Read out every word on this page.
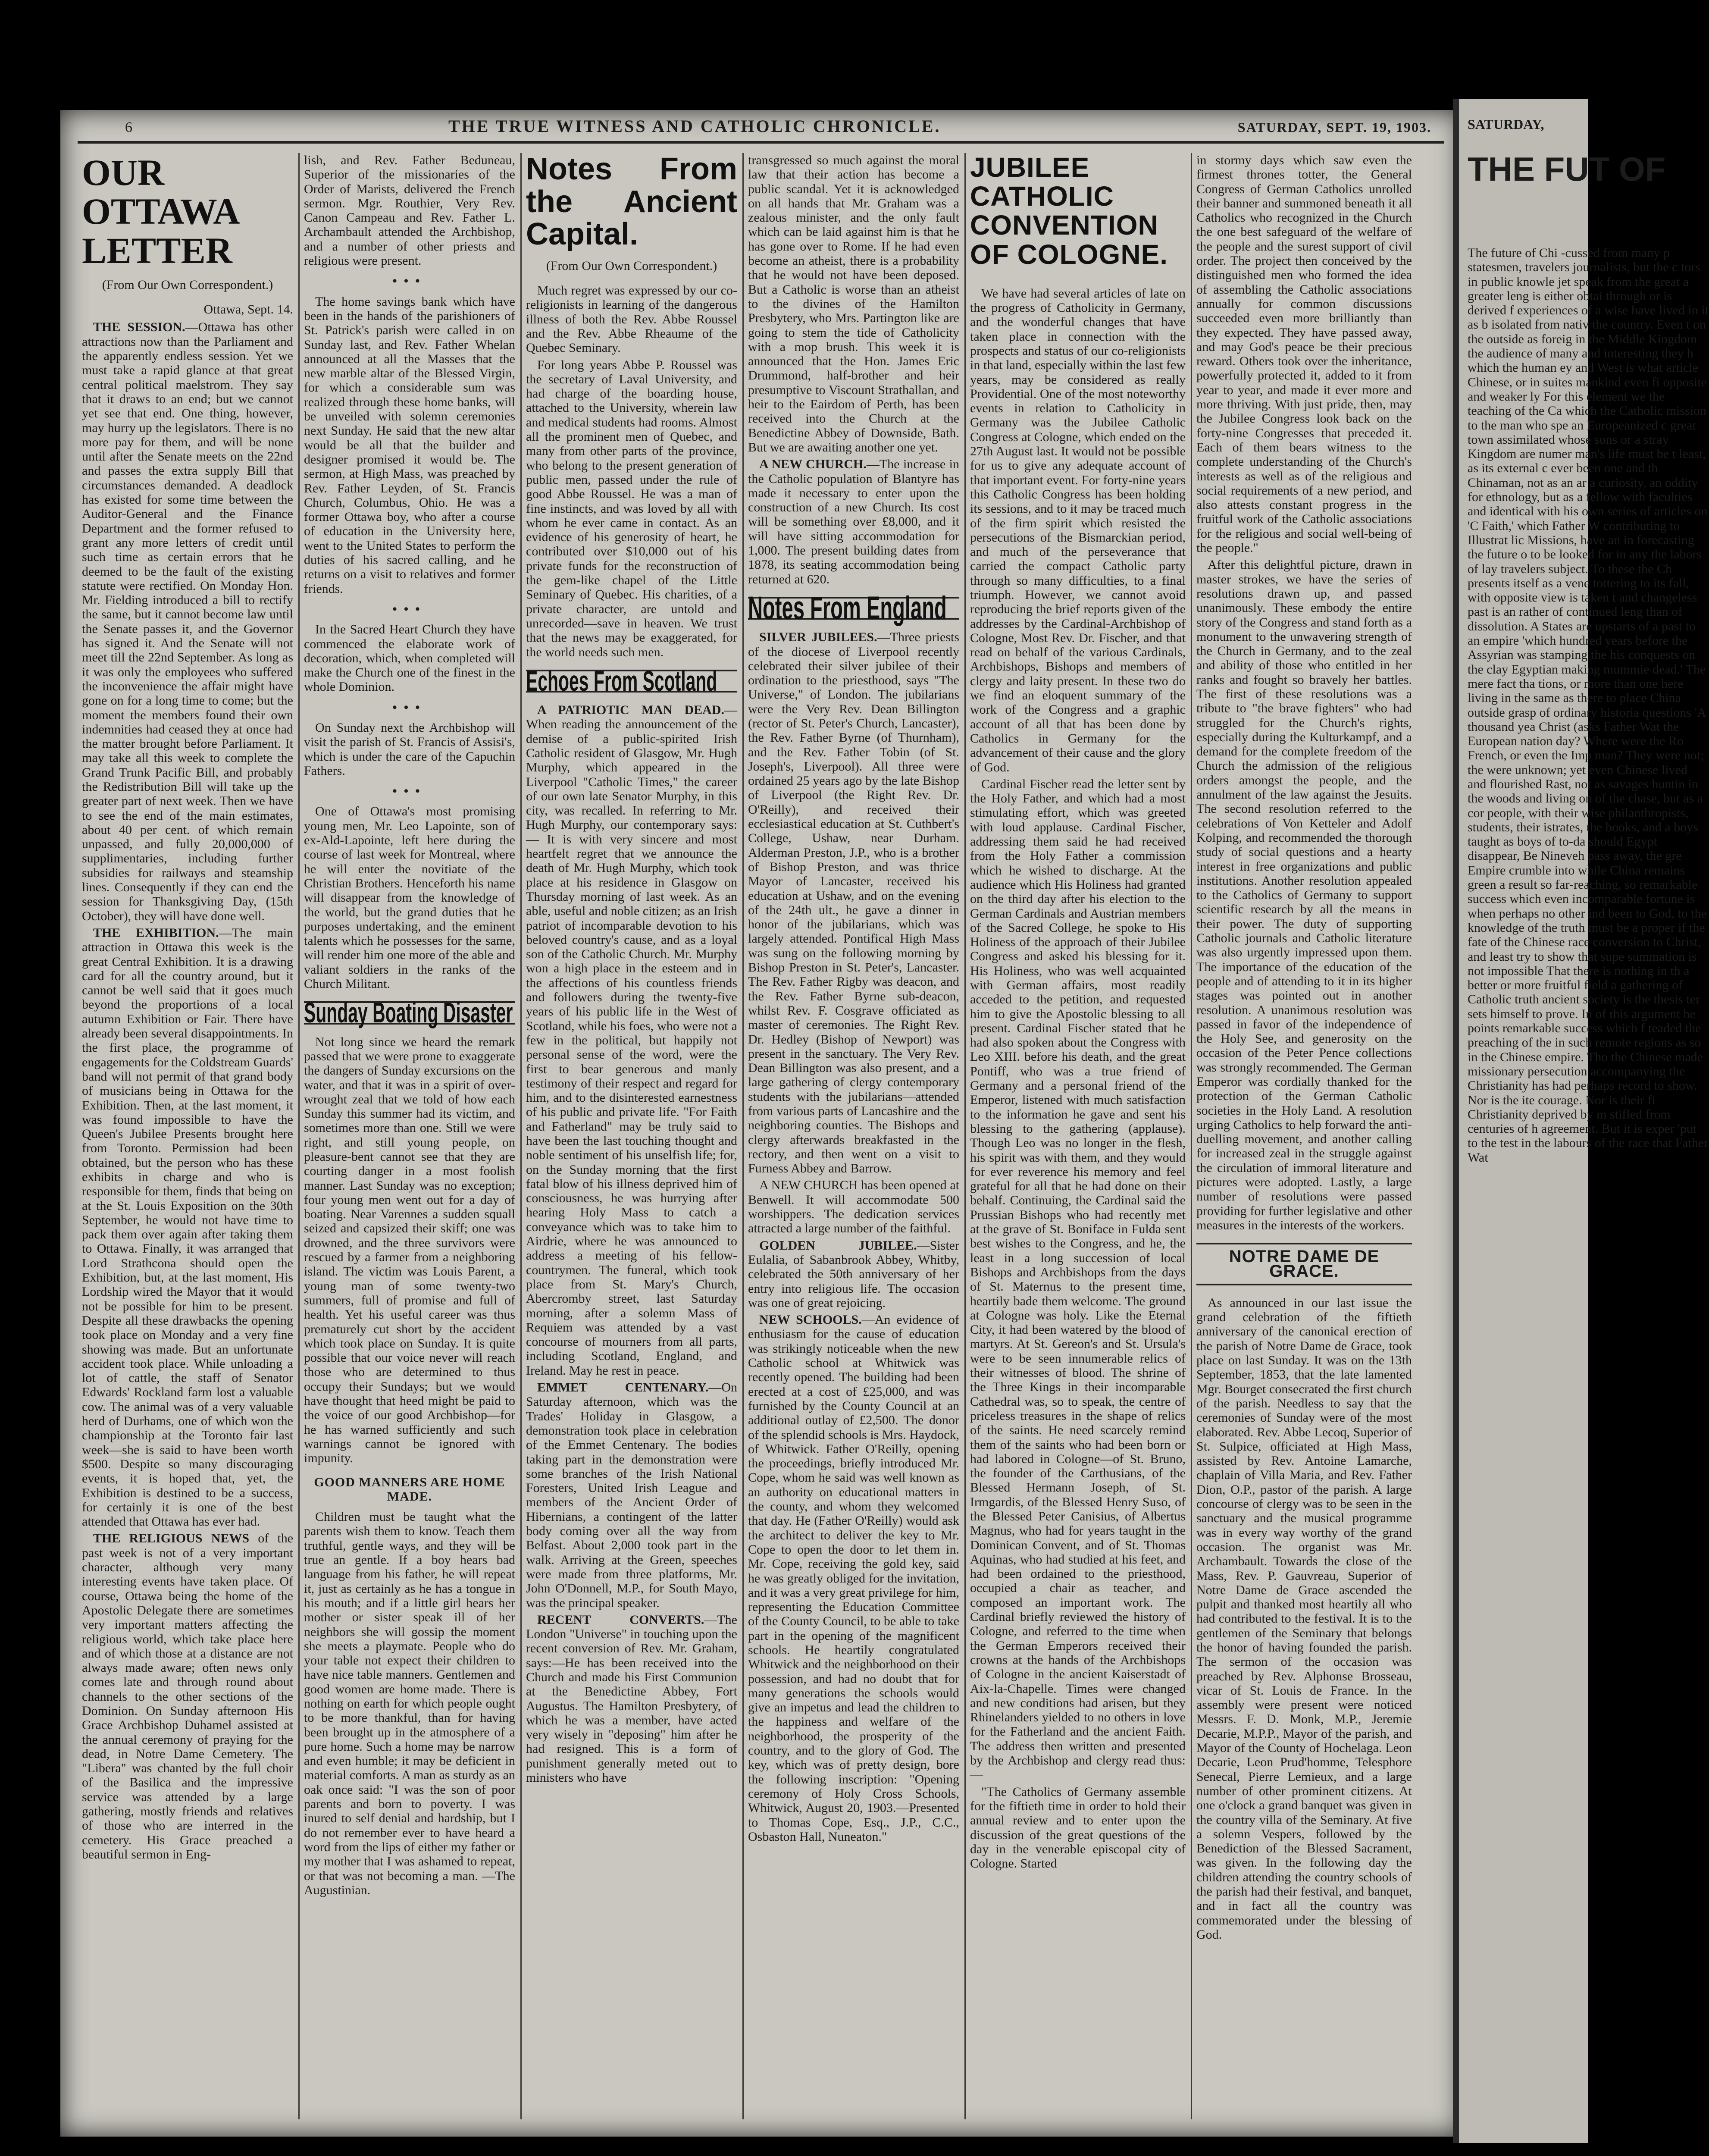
6	THE TRUE WITNESS AND CATHOLIC CHRONICLE.	SATURDAY, SEPT. 19, 1903.
OUR OTTAWA LETTER
(From Our Own Correspondent.)
Ottawa, Sept. 14.

THE SESSION.—Ottawa has other attractions now than the Parliament and the apparently endless session. Yet we must take a rapid glance at that great central political maelstrom. They say that it draws to an end; but we cannot yet see that end. One thing, however, may hurry up the legislators. There is no more pay for them, and will be none until after the Senate meets on the 22nd and passes the extra supply Bill that circumstances demanded. A deadlock has existed for some time between the Auditor-General and the Finance Department and the former refused to grant any more letters of credit until such time as certain errors that he deemed to be the fault of the existing statute were rectified. On Monday Hon. Mr. Fielding introduced a bill to rectify the same, but it cannot become law until the Senate passes it, and the Governor has signed it. And the Senate will not meet till the 22nd September. As long as it was only the employees who suffered the inconvenience the affair might have gone on for a long time to come; but the moment the members found their own indemnities had ceased they at once had the matter brought before Parliament. It may take all this week to complete the Grand Trunk Pacific Bill, and probably the Redistribution Bill will take up the greater part of next week. Then we have to see the end of the main estimates, about 40 per cent. of which remain unpassed, and fully 20,000,000 of supplimentaries, including further subsidies for railways and steamship lines. Consequently if they can end the session for Thanksgiving Day, (15th October), they will have done well.

THE EXHIBITION.—The main attraction in Ottawa this week is the great Central Exhibition. It is a drawing card for all the country around, but it cannot be well said that it goes much beyond the proportions of a local autumn Exhibition or Fair. There have already been several disappointments. In the first place, the programme of engagements for the Coldstream Guards' band will not permit of that grand body of musicians being in Ottawa for the Exhibition. Then, at the last moment, it was found impossible to have the Queen's Jubilee Presents brought here from Toronto. Permission had been obtained, but the person who has these exhibits in charge and who is responsible for them, finds that being on at the St. Louis Exposition on the 30th September, he would not have time to pack them over again after taking them to Ottawa. Finally, it was arranged that Lord Strathcona should open the Exhibition, but, at the last moment, His Lordship wired the Mayor that it would not be possible for him to be present. Despite all these drawbacks the opening took place on Monday and a very fine showing was made. But an unfortunate accident took place. While unloading a lot of cattle, the staff of Senator Edwards' Rockland farm lost a valuable cow. The animal was of a very valuable herd of Durhams, one of which won the championship at the Toronto fair last week—she is said to have been worth $500. Despite so many discouraging events, it is hoped that, yet, the Exhibition is destined to be a success, for certainly it is one of the best attended that Ottawa has ever had.

THE RELIGIOUS NEWS of the past week is not of a very important character, although very many interesting events have taken place. Of course, Ottawa being the home of the Apostolic Delegate there are sometimes very important matters affecting the religious world, which take place here and of which those at a distance are not always made aware; often news only comes late and through round about channels to the other sections of the Dominion. On Sunday afternoon His Grace Archbishop Duhamel assisted at the annual ceremony of praying for the dead, in Notre Dame Cemetery. The "Libera" was chanted by the full choir of the Basilica and the impressive service was attended by a large gathering, mostly friends and relatives of those who are interred in the cemetery. His Grace preached a beautiful sermon in Eng-

lish, and Rev. Father Beduneau, Superior of the missionaries of the Order of Marists, delivered the French sermon. Mgr. Routhier, Very Rev. Canon Campeau and Rev. Father L. Archambault attended the Archbishop, and a number of other priests and religious were present.

•••

The home savings bank which have been in the hands of the parishioners of St. Patrick's parish were called in on Sunday last, and Rev. Father Whelan announced at all the Masses that the new marble altar of the Blessed Virgin, for which a considerable sum was realized through these home banks, will be unveiled with solemn ceremonies next Sunday. He said that the new altar would be all that the builder and designer promised it would be. The sermon, at High Mass, was preached by Rev. Father Leyden, of St. Francis Church, Columbus, Ohio. He was a former Ottawa boy, who after a course of education in the University here, went to the United States to perform the duties of his sacred calling, and he returns on a visit to relatives and former friends.

•••

In the Sacred Heart Church they have commenced the elaborate work of decoration, which, when completed will make the Church one of the finest in the whole Dominion.

•••

On Sunday next the Archbishop will visit the parish of St. Francis of Assisi's, which is under the care of the Capuchin Fathers.

•••

One of Ottawa's most promising young men, Mr. Leo Lapointe, son of ex-Ald-Lapointe, left here during the course of last week for Montreal, where he will enter the novitiate of the Christian Brothers. Henceforth his name will disappear from the knowledge of the world, but the grand duties that he purposes undertaking, and the eminent talents which he possesses for the same, will render him one more of the able and valiant soldiers in the ranks of the Church Militant.

Sunday Boating Disaster

Not long since we heard the remark passed that we were prone to exaggerate the dangers of Sunday excursions on the water, and that it was in a spirit of over-wrought zeal that we told of how each Sunday this summer had its victim, and sometimes more than one. Still we were right, and still young people, on pleasure-bent cannot see that they are courting danger in a most foolish manner. Last Sunday was no exception; four young men went out for a day of boating. Near Varennes a sudden squall seized and capsized their skiff; one was drowned, and the three survivors were rescued by a farmer from a neighboring island. The victim was Louis Parent, a young man of some twenty-two summers, full of promise and full of health. Yet his useful career was thus prematurely cut short by the accident which took place on Sunday. It is quite possible that our voice never will reach those who are determined to thus occupy their Sundays; but we would have thought that heed might be paid to the voice of our good Archbishop—for he has warned sufficiently and such warnings cannot be ignored with impunity.

GOOD MANNERS ARE HOME MADE.

Children must be taught what the parents wish them to know. Teach them truthful, gentle ways, and they will be true an gentle. If a boy hears bad language from his father, he will repeat it, just as certainly as he has a tongue in his mouth; and if a little girl hears her mother or sister speak ill of her neighbors she will gossip the moment she meets a playmate. People who do your table not expect their children to have nice table manners. Gentlemen and good women are home made. There is nothing on earth for which people ought to be more thankful, than for having been brought up in the atmosphere of a pure home. Such a home may be narrow and even humble; it may be deficient in material comforts. A man as sturdy as an oak once said: "I was the son of poor parents and born to poverty. I was inured to self denial and hardship, but I do not remember ever to have heard a word from the lips of either my father or my mother that I was ashamed to repeat, or that was not becoming a man. —The Augustinian.

Notes From the Ancient Capital.
(From Our Own Correspondent.)

Much regret was expressed by our co-religionists in learning of the dangerous illness of both the Rev. Abbe Roussel and the Rev. Abbe Rheaume of the Quebec Seminary.

For long years Abbe P. Roussel was the secretary of Laval University, and had charge of the boarding house, attached to the University, wherein law and medical students had rooms. Almost all the prominent men of Quebec, and many from other parts of the province, who belong to the present generation of public men, passed under the rule of good Abbe Roussel. He was a man of fine instincts, and was loved by all with whom he ever came in contact. As an evidence of his generosity of heart, he contributed over $10,000 out of his private funds for the reconstruction of the gem-like chapel of the Little Seminary of Quebec. His charities, of a private character, are untold and unrecorded—save in heaven. We trust that the news may be exaggerated, for the world needs such men.

Echoes From Scotland

A PATRIOTIC MAN DEAD.—When reading the announcement of the demise of a public-spirited Irish Catholic resident of Glasgow, Mr. Hugh Murphy, which appeared in the Liverpool "Catholic Times," the career of our own late Senator Murphy, in this city, was recalled. In referring to Mr. Hugh Murphy, our contemporary says:— It is with very sincere and most heartfelt regret that we announce the death of Mr. Hugh Murphy, which took place at his residence in Glasgow on Thursday morning of last week. As an able, useful and noble citizen; as an Irish patriot of incomparable devotion to his beloved country's cause, and as a loyal son of the Catholic Church. Mr. Murphy won a high place in the esteem and in the affections of his countless friends and followers during the twenty-five years of his public life in the West of Scotland, while his foes, who were not a few in the political, but happily not personal sense of the word, were the first to bear generous and manly testimony of their respect and regard for him, and to the disinterested earnestness of his public and private life. "For Faith and Fatherland" may be truly said to have been the last touching thought and noble sentiment of his unselfish life; for, on the Sunday morning that the first fatal blow of his illness deprived him of consciousness, he was hurrying after hearing Holy Mass to catch a conveyance which was to take him to Airdrie, where he was announced to address a meeting of his fellow-countrymen. The funeral, which took place from St. Mary's Church, Abercromby street, last Saturday morning, after a solemn Mass of Requiem was attended by a vast concourse of mourners from all parts, including Scotland, England, and Ireland. May he rest in peace.

EMMET CENTENARY.—On Saturday afternoon, which was the Trades' Holiday in Glasgow, a demonstration took place in celebration of the Emmet Centenary. The bodies taking part in the demonstration were some branches of the Irish National Foresters, United Irish League and members of the Ancient Order of Hibernians, a contingent of the latter body coming over all the way from Belfast. About 2,000 took part in the walk. Arriving at the Green, speeches were made from three platforms, Mr. John O'Donnell, M.P., for South Mayo, was the principal speaker.

RECENT CONVERTS.—The London "Universe" in touching upon the recent conversion of Rev. Mr. Graham, says:—He has been received into the Church and made his First Communion at the Benedictine Abbey, Fort Augustus. The Hamilton Presbytery, of which he was a member, have acted very wisely in "deposing" him after he had resigned. This is a form of punishment generally meted out to ministers who have

transgressed so much against the moral law that their action has become a public scandal. Yet it is acknowledged on all hands that Mr. Graham was a zealous minister, and the only fault which can be laid against him is that he has gone over to Rome. If he had even become an atheist, there is a probability that he would not have been deposed. But a Catholic is worse than an atheist to the divines of the Hamilton Presbytery, who Mrs. Partington like are going to stem the tide of Catholicity with a mop brush. This week it is announced that the Hon. James Eric Drummond, half-brother and heir presumptive to Viscount Strathallan, and heir to the Eairdom of Perth, has been received into the Church at the Benedictine Abbey of Downside, Bath. But we are awaiting another one yet.

A NEW CHURCH.—The increase in the Catholic population of Blantyre has made it necessary to enter upon the construction of a new Church. Its cost will be something over £8,000, and it will have sitting accommodation for 1,000. The present building dates from 1878, its seating accommodation being returned at 620.

Notes From England

SILVER JUBILEES.—Three priests of the diocese of Liverpool recently celebrated their silver jubilee of their ordination to the priesthood, says "The Universe," of London. The jubilarians were the Very Rev. Dean Billington (rector of St. Peter's Church, Lancaster), the Rev. Father Byrne (of Thurnham), and the Rev. Father Tobin (of St. Joseph's, Liverpool). All three were ordained 25 years ago by the late Bishop of Liverpool (the Right Rev. Dr. O'Reilly), and received their ecclesiastical education at St. Cuthbert's College, Ushaw, near Durham. Alderman Preston, J.P., who is a brother of Bishop Preston, and was thrice Mayor of Lancaster, received his education at Ushaw, and on the evening of the 24th ult., he gave a dinner in honor of the jubilarians, which was largely attended. Pontifical High Mass was sung on the following morning by Bishop Preston in St. Peter's, Lancaster. The Rev. Father Rigby was deacon, and the Rev. Father Byrne sub-deacon, whilst Rev. F. Cosgrave officiated as master of ceremonies. The Right Rev. Dr. Hedley (Bishop of Newport) was present in the sanctuary. The Very Rev. Dean Billington was also present, and a large gathering of clergy contemporary students with the jubilarians—attended from various parts of Lancashire and the neighboring counties. The Bishops and clergy afterwards breakfasted in the rectory, and then went on a visit to Furness Abbey and Barrow.

A NEW CHURCH has been opened at Benwell. It will accommodate 500 worshippers. The dedication services attracted a large number of the faithful.

GOLDEN JUBILEE.—Sister Eulalia, of Sabanbrook Abbey, Whitby, celebrated the 50th anniversary of her entry into religious life. The occasion was one of great rejoicing.

NEW SCHOOLS.—An evidence of enthusiasm for the cause of education was strikingly noticeable when the new Catholic school at Whitwick was recently opened. The building had been erected at a cost of £25,000, and was furnished by the County Council at an additional outlay of £2,500. The donor of the splendid schools is Mrs. Haydock, of Whitwick. Father O'Reilly, opening the proceedings, briefly introduced Mr. Cope, whom he said was well known as an authority on educational matters in the county, and whom they welcomed that day. He (Father O'Reilly) would ask the architect to deliver the key to Mr. Cope to open the door to let them in. Mr. Cope, receiving the gold key, said he was greatly obliged for the invitation, and it was a very great privilege for him, representing the Education Committee of the County Council, to be able to take part in the opening of the magnificent schools. He heartily congratulated Whitwick and the neighborhood on their possession, and had no doubt that for many generations the schools would give an impetus and lead the children to the happiness and welfare of the neighborhood, the prosperity of the country, and to the glory of God. The key, which was of pretty design, bore the following inscription: "Opening ceremony of Holy Cross Schools, Whitwick, August 20, 1903.—Presented to Thomas Cope, Esq., J.P., C.C., Osbaston Hall, Nuneaton."

JUBILEE CATHOLIC CONVENTION OF COLOGNE.

We have had several articles of late on the progress of Catholicity in Germany, and the wonderful changes that have taken place in connection with the prospects and status of our co-religionists in that land, especially within the last few years, may be considered as really Providential. One of the most noteworthy events in relation to Catholicity in Germany was the Jubilee Catholic Congress at Cologne, which ended on the 27th August last. It would not be possible for us to give any adequate account of that important event. For forty-nine years this Catholic Congress has been holding its sessions, and to it may be traced much of the firm spirit which resisted the persecutions of the Bismarckian period, and much of the perseverance that carried the compact Catholic party through so many difficulties, to a final triumph. However, we cannot avoid reproducing the brief reports given of the addresses by the Cardinal-Archbishop of Cologne, Most Rev. Dr. Fischer, and that read on behalf of the various Cardinals, Archbishops, Bishops and members of clergy and laity present. In these two do we find an eloquent summary of the work of the Congress and a graphic account of all that has been done by Catholics in Germany for the advancement of their cause and the glory of God.

Cardinal Fischer read the letter sent by the Holy Father, and which had a most stimulating effort, which was greeted with loud applause. Cardinal Fischer, addressing them said he had received from the Holy Father a commission which he wished to discharge. At the audience which His Holiness had granted on the third day after his election to the German Cardinals and Austrian members of the Sacred College, he spoke to His Holiness of the approach of their Jubilee Congress and asked his blessing for it. His Holiness, who was well acquainted with German affairs, most readily acceded to the petition, and requested him to give the Apostolic blessing to all present. Cardinal Fischer stated that he had also spoken about the Congress with Leo XIII. before his death, and the great Pontiff, who was a true friend of Germany and a personal friend of the Emperor, listened with much satisfaction to the information he gave and sent his blessing to the gathering (applause). Though Leo was no longer in the flesh, his spirit was with them, and they would for ever reverence his memory and feel grateful for all that he had done on their behalf. Continuing, the Cardinal said the Prussian Bishops who had recently met at the grave of St. Boniface in Fulda sent best wishes to the Congress, and he, the least in a long succession of local Bishops and Archbishops from the days of St. Maternus to the present time, heartily bade them welcome. The ground at Cologne was holy. Like the Eternal City, it had been watered by the blood of martyrs. At St. Gereon's and St. Ursula's were to be seen innumerable relics of their witnesses of blood. The shrine of the Three Kings in their incomparable Cathedral was, so to speak, the centre of priceless treasures in the shape of relics of the saints. He need scarcely remind them of the saints who had been born or had labored in Cologne—of St. Bruno, the founder of the Carthusians, of the Blessed Hermann Joseph, of St. Irmgardis, of the Blessed Henry Suso, of the Blessed Peter Canisius, of Albertus Magnus, who had for years taught in the Dominican Convent, and of St. Thomas Aquinas, who had studied at his feet, and had been ordained to the priesthood, occupied a chair as teacher, and composed an important work. The Cardinal briefly reviewed the history of Cologne, and referred to the time when the German Emperors received their crowns at the hands of the Archbishops of Cologne in the ancient Kaiserstadt of Aix-la-Chapelle. Times were changed and new conditions had arisen, but they Rhinelanders yielded to no others in love for the Fatherland and the ancient Faith. The address then written and presented by the Archbishop and clergy read thus:—

"The Catholics of Germany assemble for the fiftieth time in order to hold their annual review and to enter upon the discussion of the great questions of the day in the venerable episcopal city of Cologne. Started

in stormy days which saw even the firmest thrones totter, the General Congress of German Catholics unrolled their banner and summoned beneath it all Catholics who recognized in the Church the one best safeguard of the welfare of the people and the surest support of civil order. The project then conceived by the distinguished men who formed the idea of assembling the Catholic associations annually for common discussions succeeded even more brilliantly than they expected. They have passed away, and may God's peace be their precious reward. Others took over the inheritance, powerfully protected it, added to it from year to year, and made it ever more and more thriving. With just pride, then, may the Jubilee Congress look back on the forty-nine Congresses that preceded it. Each of them bears witness to the complete understanding of the Church's interests as well as of the religious and social requirements of a new period, and also attests constant progress in the fruitful work of the Catholic associations for the religious and social well-being of the people."

After this delightful picture, drawn in master strokes, we have the series of resolutions drawn up, and passed unanimously. These embody the entire story of the Congress and stand forth as a monument to the unwavering strength of the Church in Germany, and to the zeal and ability of those who entitled in her ranks and fought so bravely her battles. The first of these resolutions was a tribute to "the brave fighters" who had struggled for the Church's rights, especially during the Kulturkampf, and a demand for the complete freedom of the Church the admission of the religious orders amongst the people, and the annulment of the law against the Jesuits. The second resolution referred to the celebrations of Von Ketteler and Adolf Kolping, and recommended the thorough study of social questions and a hearty interest in free organizations and public institutions. Another resolution appealed to the Catholics of Germany to support scientific research by all the means in their power. The duty of supporting Catholic journals and Catholic literature was also urgently impressed upon them. The importance of the education of the people and of attending to it in its higher stages was pointed out in another resolution. A unanimous resolution was passed in favor of the independence of the Holy See, and generosity on the occasion of the Peter Pence collections was strongly recommended. The German Emperor was cordially thanked for the protection of the German Catholic societies in the Holy Land. A resolution urging Catholics to help forward the anti-duelling movement, and another calling for increased zeal in the struggle against the circulation of immoral literature and pictures were adopted. Lastly, a large number of resolutions were passed providing for further legislative and other measures in the interests of the workers.

NOTRE DAME DE GRACE.

As announced in our last issue the grand celebration of the fiftieth anniversary of the canonical erection of the parish of Notre Dame de Grace, took place on last Sunday. It was on the 13th September, 1853, that the late lamented Mgr. Bourget consecrated the first church of the parish. Needless to say that the ceremonies of Sunday were of the most elaborated. Rev. Abbe Lecoq, Superior of St. Sulpice, officiated at High Mass, assisted by Rev. Antoine Lamarche, chaplain of Villa Maria, and Rev. Father Dion, O.P., pastor of the parish. A large concourse of clergy was to be seen in the sanctuary and the musical programme was in every way worthy of the grand occasion. The organist was Mr. Archambault. Towards the close of the Mass, Rev. P. Gauvreau, Superior of Notre Dame de Grace ascended the pulpit and thanked most heartily all who had contributed to the festival. It is to the gentlemen of the Seminary that belongs the honor of having founded the parish. The sermon of the occasion was preached by Rev. Alphonse Brosseau, vicar of St. Louis de France. In the assembly were present were noticed Messrs. F. D. Monk, M.P., Jeremie Decarie, M.P.P., Mayor of the parish, and Mayor of the County of Hochelaga. Leon Decarie, Leon Prud'homme, Telesphore Senecal, Pierre Lemieux, and a large number of other prominent citizens. At one o'clock a grand banquet was given in the country villa of the Seminary. At five a solemn Vespers, followed by the Benediction of the Blessed Sacrament, was given. In the following day the children attending the country schools of the parish had their festival, and banquet, and in fact all the country was commemorated under the blessing of God.

SATURDAY,
THE FUT OF
The future of Chi -cussed from many p statesmen, travelers journalists, but the c tors in public knowle jet speak from the great a greater leng is either obtai through or is derived f experiences of a wise have lived in it as b isolated from nativ the country. Even t on the outside as foreig in the Middle Kingdom the audience of many and interesting they h which the human ey and West is what article Chinese, or in suites mankind even fi opposite and weaker ly For this element we the teaching of the Ca which the Catholic mission to the man who spe an Europeanized c great town assimilated whose sons or a stray Kingdom are numer man's life must be t least, as its external c ever been one and th Chinaman, not as an ar a curiosity, an oddity for ethnology, but as a fellow with faculties and identical with his own series of articles on 'C Faith,' which Father W contributing to Illustrat lic Missions, have an in forecasting the future o to be looked for in any the labors of lay travelers subject. To these the Ch presents itself as a vene tottering to its fall, with opposite view is taken t and changeless past is an rather of continued leng than of dissolution. A States are upstarts of a past to an empire 'which hundred years before the Assyrian was stamping the his conquests on the clay Egyptian making mummie dead.' The mere fact tha tions, or more than one here living in the same as there to place China outside grasp of ordinary historia questions 'A thousand yea Christ (asks Father Wat the European nation day? Where were the Ro French, or even the Imp man? They were not; the were unknown; yet even Chinese lived and flourished Rast, not as savages huntin in the woods and living on of the chase, but as a cor people, with their wise philanthropists, students, their istrates, the books, and a boys taught as boys of to-da should Egypt disappear, Be Nineveh pass away, the gre Empire crumble into while China remains green a result so far-reaching, so remarkable success which even incomparable fortune is when perhaps no other ind been to God, to the knowledge of the truth must be a proper if the fate of the Chinese race conversion to Christ, and least try to show that supe summation is not impossible That there is nothing in th a better or more fruitful field a gathering of Catholic truth ancient society is the thesis ter sets himself to prove. In of this argument he points remarkable success which f teaded the preaching of the in such remote regions as so in the Chinese empire. Tho the Chinese made missionary persecution accompanying the Christianity has had perhaps record to show. Nor is the ite courage. Nor is their fi Christianity deprived by m stifled from centuries of h agreement. But it is exper 'put to the test in the labours of the race that Father Wat
